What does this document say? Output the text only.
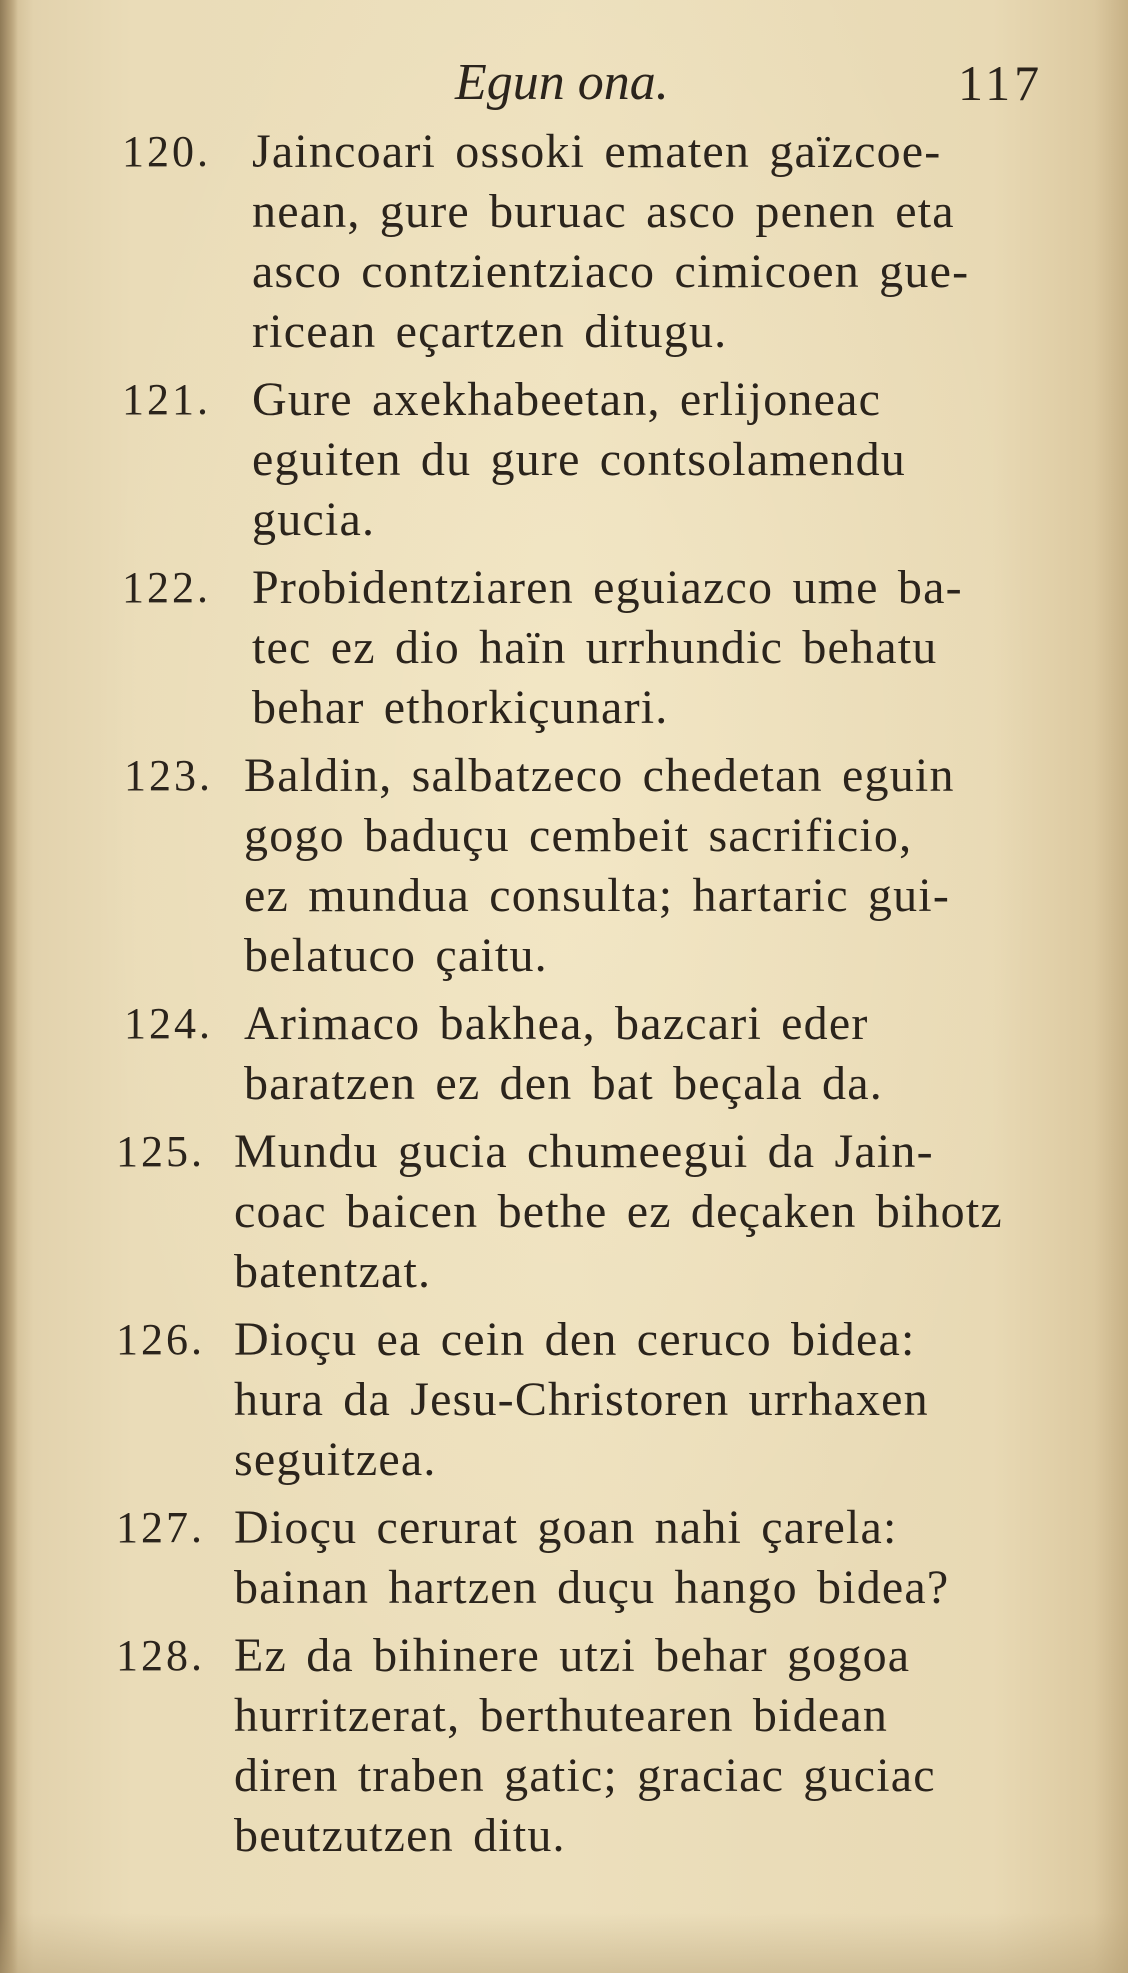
Egun ona.	117
120. Jaincoari ossoki ematen gaïzcoe-
nean, gure buruac asco penen eta
asco contzientziaco cimicoen gue-
ricean eçartzen ditugu.
121. Gure axekhabeetan, erlijoneac
eguiten du gure contsolamendu
gucia.
122. Probidentziaren eguiazco ume ba-
tec ez dio haïn urrhundic behatu
behar ethorkiçunari.
123. Baldin, salbatzeco chedetan eguin
gogo baduçu cembeit sacrificio,
ez mundua consulta; hartaric gui-
belatuco çaitu.
124. Arimaco bakhea, bazcari eder
baratzen ez den bat beçala da.
125. Mundu gucia chumeegui da Jain-
coac baicen bethe ez deçaken bihotz
batentzat.
126. Dioçu ea cein den ceruco bidea:
hura da Jesu-Christoren urrhaxen
seguitzea.
127. Dioçu cerurat goan nahi çarela:
bainan hartzen duçu hango bidea?
128. Ez da bihinere utzi behar gogoa
hurritzerat, berthutearen bidean
diren traben gatic; graciac guciac
beutzutzen ditu.
